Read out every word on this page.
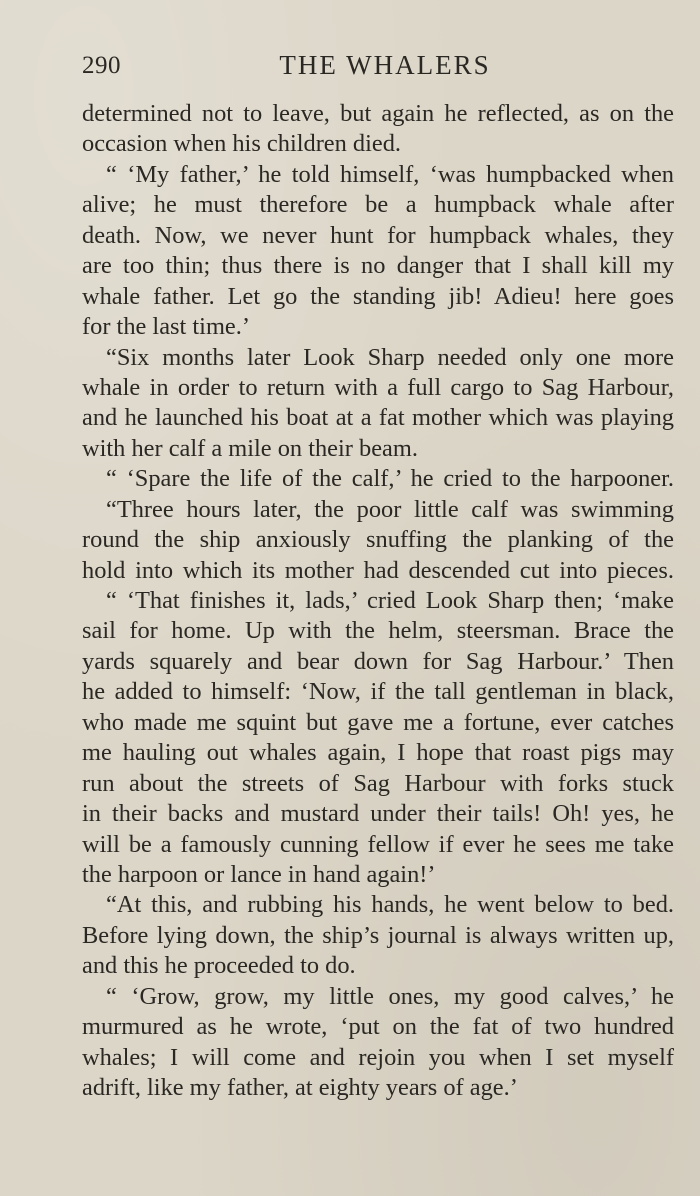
290	THE WHALERS
determined not to leave, but again he reflected, as on the
occasion when his children died.
“ ‘My father,’ he told himself, ‘was humpbacked when
alive; he must therefore be a humpback whale after
death. Now, we never hunt for humpback whales, they
are too thin; thus there is no danger that I shall kill my
whale father. Let go the standing jib! Adieu! here goes
for the last time.’
“Six months later Look Sharp needed only one more
whale in order to return with a full cargo to Sag Harbour,
and he launched his boat at a fat mother which was playing
with her calf a mile on their beam.
“ ‘Spare the life of the calf,’ he cried to the harpooner.
“Three hours later, the poor little calf was swimming
round the ship anxiously snuffing the planking of the
hold into which its mother had descended cut into pieces.
“ ‘That finishes it, lads,’ cried Look Sharp then; ‘make
sail for home. Up with the helm, steersman. Brace the
yards squarely and bear down for Sag Harbour.’ Then
he added to himself: ‘Now, if the tall gentleman in black,
who made me squint but gave me a fortune, ever catches
me hauling out whales again, I hope that roast pigs may
run about the streets of Sag Harbour with forks stuck
in their backs and mustard under their tails! Oh! yes, he
will be a famously cunning fellow if ever he sees me take
the harpoon or lance in hand again!’
“At this, and rubbing his hands, he went below to bed.
Before lying down, the ship’s journal is always written up,
and this he proceeded to do.
“ ‘Grow, grow, my little ones, my good calves,’ he
murmured as he wrote, ‘put on the fat of two hundred
whales; I will come and rejoin you when I set myself
adrift, like my father, at eighty years of age.’
